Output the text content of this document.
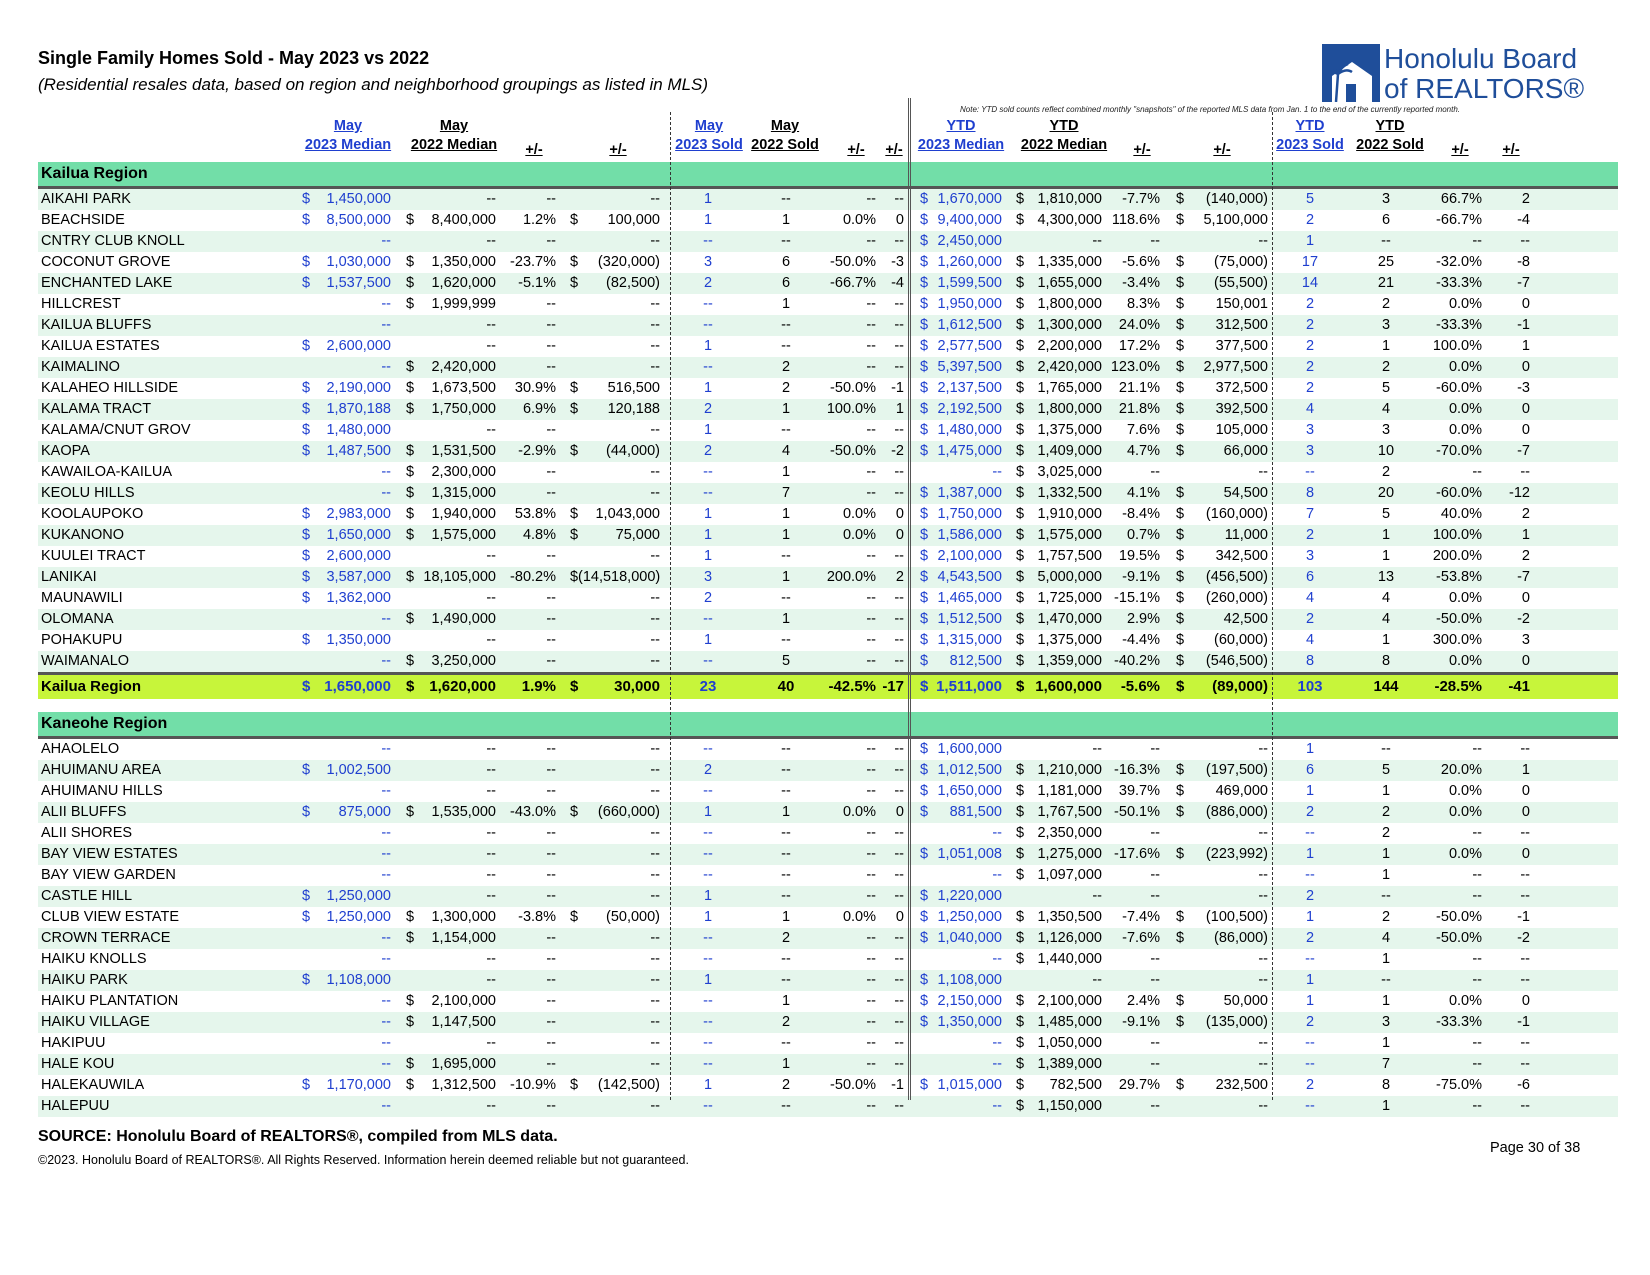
Single Family Homes Sold - May 2023 vs 2022
(Residential resales data, based on region and neighborhood groupings as listed in MLS)
Honolulu Board
of REALTORS®
Note: YTD sold counts reflect combined monthly "snapshots" of the reported MLS data from Jan. 1 to the end of the currently reported month.
May
2023 Median
May
2022 Median	+/-	+/-
May
2023 Sold
May
2022 Sold	+/-	+/-
YTD
2023 Median
YTD
2022 Median	+/-	+/-
YTD
2023 Sold
YTD
2022 Sold	+/-	+/-
Kailua Region
AIKAHI PARK	$	1,450,000	--	--	--	1	--	--	-- $ 1,670,000 $ 1,810,000	-7.7% $	(140,000)	5	3	66.7%	2
BEACHSIDE	$	8,500,000 $	8,400,000	1.2% $	100,000	1	1	0.0%	0 $ 9,400,000 $ 4,300,000 118.6% $	5,100,000	2	6	-66.7%	-4
CNTRY CLUB KNOLL	--	--	--	--	--	--	--	-- $ 2,450,000	--	--	--	1	--	--	--
COCONUT GROVE	$	1,030,000 $	1,350,000 -23.7% $	(320,000)	3	6	-50.0%	-3 $ 1,260,000 $ 1,335,000	-5.6% $	(75,000)	17	25	-32.0%	-8
ENCHANTED LAKE	$	1,537,500 $	1,620,000	-5.1% $	(82,500)	2	6	-66.7%	-4 $ 1,599,500 $ 1,655,000	-3.4% $	(55,500)	14	21	-33.3%	-7
HILLCREST	-- $	1,999,999	--	--	--	1	--	-- $ 1,950,000 $ 1,800,000	8.3% $	150,001	2	2	0.0%	0
KAILUA BLUFFS	--	--	--	--	--	--	--	-- $ 1,612,500 $ 1,300,000	24.0% $	312,500	2	3	-33.3%	-1
KAILUA ESTATES	$	2,600,000	--	--	--	1	--	--	-- $ 2,577,500 $ 2,200,000	17.2% $	377,500	2	1	100.0%	1
KAIMALINO	-- $	2,420,000	--	--	--	2	--	-- $ 5,397,500 $ 2,420,000 123.0% $	2,977,500	2	2	0.0%	0
KALAHEO HILLSIDE	$	2,190,000 $	1,673,500	30.9% $	516,500	1	2	-50.0%	-1 $ 2,137,500 $ 1,765,000	21.1% $	372,500	2	5	-60.0%	-3
KALAMA TRACT	$	1,870,188 $	1,750,000	6.9% $	120,188	2	1	100.0%	1 $ 2,192,500 $ 1,800,000	21.8% $	392,500	4	4	0.0%	0
KALAMA/CNUT GROV	$	1,480,000	--	--	--	1	--	--	-- $ 1,480,000 $ 1,375,000	7.6% $	105,000	3	3	0.0%	0
KAOPA	$	1,487,500 $	1,531,500	-2.9% $	(44,000)	2	4	-50.0%	-2 $ 1,475,000 $ 1,409,000	4.7% $	66,000	3	10	-70.0%	-7
KAWAILOA-KAILUA	-- $	2,300,000	--	--	--	1	--	--	-- $ 3,025,000	--	--	--	2	--	--
KEOLU HILLS	-- $	1,315,000	--	--	--	7	--	-- $ 1,387,000 $ 1,332,500	4.1% $	54,500	8	20	-60.0%	-12
KOOLAUPOKO	$	2,983,000 $	1,940,000	53.8% $	1,043,000	1	1	0.0%	0 $ 1,750,000 $ 1,910,000	-8.4% $	(160,000)	7	5	40.0%	2
KUKANONO	$	1,650,000 $	1,575,000	4.8% $	75,000	1	1	0.0%	0 $ 1,586,000 $ 1,575,000	0.7% $	11,000	2	1	100.0%	1
KUULEI TRACT	$	2,600,000	--	--	--	1	--	--	-- $ 2,100,000 $ 1,757,500	19.5% $	342,500	3	1	200.0%	2
LANIKAI	$	3,587,000 $ 18,105,000 -80.2% $ (14,518,000)	3	1	200.0%	2 $ 4,543,500 $ 5,000,000	-9.1% $	(456,500)	6	13	-53.8%	-7
MAUNAWILI	$	1,362,000	--	--	--	2	--	--	-- $ 1,465,000 $ 1,725,000 -15.1% $	(260,000)	4	4	0.0%	0
OLOMANA	-- $	1,490,000	--	--	--	1	--	-- $ 1,512,500 $ 1,470,000	2.9% $	42,500	2	4	-50.0%	-2
POHAKUPU	$	1,350,000	--	--	--	1	--	--	-- $ 1,315,000 $ 1,375,000	-4.4% $	(60,000)	4	1	300.0%	3
WAIMANALO	-- $	3,250,000	--	--	--	5	--	-- $	812,500 $ 1,359,000 -40.2% $	(546,500)	8	8	0.0%	0
Kailua Region	$ 1,650,000 $ 1,620,000	1.9% $	30,000	23	40	-42.5% -17 $ 1,511,000 $ 1,600,000	-5.6% $	(89,000)	103	144	-28.5%	-41
Kaneohe Region
AHAOLELO	--	--	--	--	--	--	--	-- $ 1,600,000	--	--	--	1	--	--	--
AHUIMANU AREA	$	1,002,500	--	--	--	2	--	--	-- $ 1,012,500 $ 1,210,000 -16.3% $	(197,500)	6	5	20.0%	1
AHUIMANU HILLS	--	--	--	--	--	--	--	-- $ 1,650,000 $ 1,181,000	39.7% $	469,000	1	1	0.0%	0
ALII BLUFFS	$	875,000 $	1,535,000 -43.0% $	(660,000)	1	1	0.0%	0 $	881,500 $ 1,767,500 -50.1% $	(886,000)	2	2	0.0%	0
ALII SHORES	--	--	--	--	--	--	--	--	-- $ 2,350,000	--	--	--	2	--	--
BAY VIEW ESTATES	--	--	--	--	--	--	--	-- $ 1,051,008 $ 1,275,000 -17.6% $	(223,992)	1	1	0.0%	0
BAY VIEW GARDEN	--	--	--	--	--	--	--	--	-- $ 1,097,000	--	--	--	1	--	--
CASTLE HILL	$	1,250,000	--	--	--	1	--	--	-- $ 1,220,000	--	--	--	2	--	--	--
CLUB VIEW ESTATE	$	1,250,000 $	1,300,000	-3.8% $	(50,000)	1	1	0.0%	0 $ 1,250,000 $ 1,350,500	-7.4% $	(100,500)	1	2	-50.0%	-1
CROWN TERRACE	-- $	1,154,000	--	--	--	2	--	-- $ 1,040,000 $ 1,126,000	-7.6% $	(86,000)	2	4	-50.0%	-2
HAIKU KNOLLS	--	--	--	--	--	--	--	--	-- $ 1,440,000	--	--	--	1	--	--
HAIKU PARK	$	1,108,000	--	--	--	1	--	--	-- $ 1,108,000	--	--	--	1	--	--	--
HAIKU PLANTATION	-- $	2,100,000	--	--	--	1	--	-- $ 2,150,000 $ 2,100,000	2.4% $	50,000	1	1	0.0%	0
HAIKU VILLAGE	-- $	1,147,500	--	--	--	2	--	-- $ 1,350,000 $ 1,485,000	-9.1% $	(135,000)	2	3	-33.3%	-1
HAKIPUU	--	--	--	--	--	--	--	--	-- $ 1,050,000	--	--	--	1	--	--
HALE KOU	-- $	1,695,000	--	--	--	1	--	--	-- $ 1,389,000	--	--	--	7	--	--
HALEKAUWILA	$	1,170,000 $	1,312,500 -10.9% $	(142,500)	1	2	-50.0%	-1 $ 1,015,000 $	782,500	29.7% $	232,500	2	8	-75.0%	-6
HALEPUU	--	--	--	--	--	--	--	--	-- $ 1,150,000	--	--	--	1	--	--
SOURCE: Honolulu Board of REALTORS®, compiled from MLS data.
©2023. Honolulu Board of REALTORS®. All Rights Reserved. Information herein deemed reliable but not guaranteed.
Page 30 of 38
